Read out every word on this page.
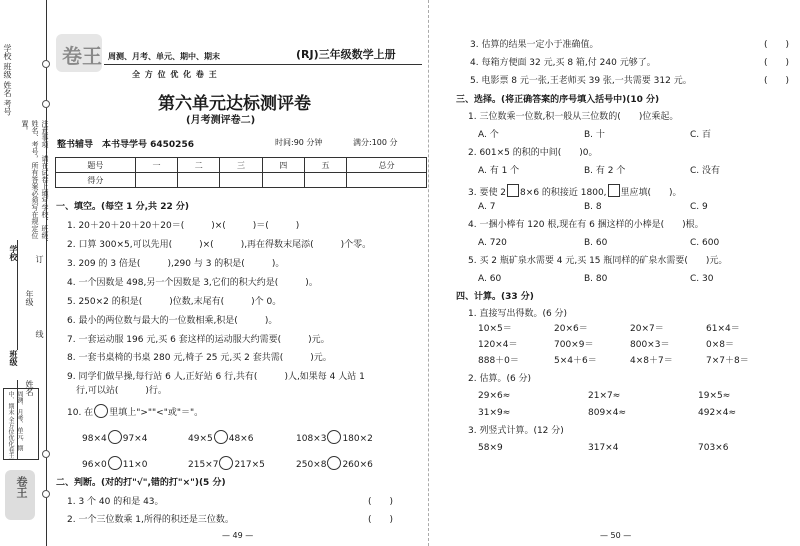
学校 班级 姓名 考号
注意事项：请在试卷上填写学校、班级、姓名、考号，所有答案必须写在规定位置。
订
学校
班级
年级
姓名
线
周测、月考、单元、期中、期末 全方位优化卷王
卷王
卷王 周测、月考、单元、期中、期末
全 方 位 优 化 卷 王
(RJ)三年级数学上册
第六单元达标测评卷
(月考测评卷二)
整书辅导　本书导学号 6450256	时间:90 分钟	满分:100 分
题号	一	二	三	四	五	总分
得分						
一、填空。(每空 1 分,共 22 分)
1. 20＋20＋20＋20＋20＝(　　　)×(　　　)＝(　　　)
2. 口算 300×5,可以先用(　　　)×(　　　),再在得数末尾添(　　　)个零。
3. 209 的 3 倍是(　　　),290 与 3 的积是(　　　)。
4. 一个因数是 498,另一个因数是 3,它们的积大约是(　　　)。
5. 250×2 的积是(　　　)位数,末尾有(　　　)个 0。
6. 最小的两位数与最大的一位数相乘,积是(　　　)。
7. 一套运动服 196 元,买 6 套这样的运动服大约需要(　　　)元。
8. 一套书桌椅的书桌 280 元,椅子 25 元,买 2 套共需(　　　)元。
9. 同学们做早操,每行站 6 人,正好站 6 行,共有(　　　)人,如果每 4 人站 1
行,可以站(　　　)行。
10. 在 里填上">""<"或"＝"。
98×4 97×4	49×5 48×6	108×3 180×2
96×0 11×0	215×7 217×5	250×8 260×6
二、判断。(对的打"√",错的打"×")(5 分)
1. 3 个 40 的和是 43。	(　　)
2. 一个三位数乘 1,所得的积还是三位数。	(　　)
— 49 —
3. 估算的结果一定小于准确值。	(　　)
4. 每箱方便面 32 元,买 8 箱,付 240 元够了。	(　　)
5. 电影票 8 元一张,王老师买 39 张,一共需要 312 元。	(　　)
三、选择。(将正确答案的序号填入括号中)(10 分)
1. 三位数乘一位数,积一般从三位数的(　　)位乘起。
A. 个	B. 十	C. 百
2. 601×5 的积的中间(　　)0。
A. 有 1 个	B. 有 2 个	C. 没有
3. 要使 2 8×6 的积接近 1800, 里应填(　　)。
A. 7	B. 8	C. 9
4. 一捆小棒有 120 根,现在有 6 捆这样的小棒是(　　)根。
A. 720	B. 60	C. 600
5. 买 2 瓶矿泉水需要 4 元,买 15 瓶同样的矿泉水需要(　　)元。
A. 60	B. 80	C. 30
四、计算。(33 分)
1. 直接写出得数。(6 分)
10×5＝	20×6＝	20×7＝	61×4＝
120×4＝	700×9＝	800×3＝	0×8＝
888＋0＝	5×4＋6＝	4×8＋7＝	7×7＋8＝
2. 估算。(6 分)
29×6≈	21×7≈	19×5≈
31×9≈	809×4≈	492×4≈
3. 列竖式计算。(12 分)
58×9	317×4	703×6
— 50 —
